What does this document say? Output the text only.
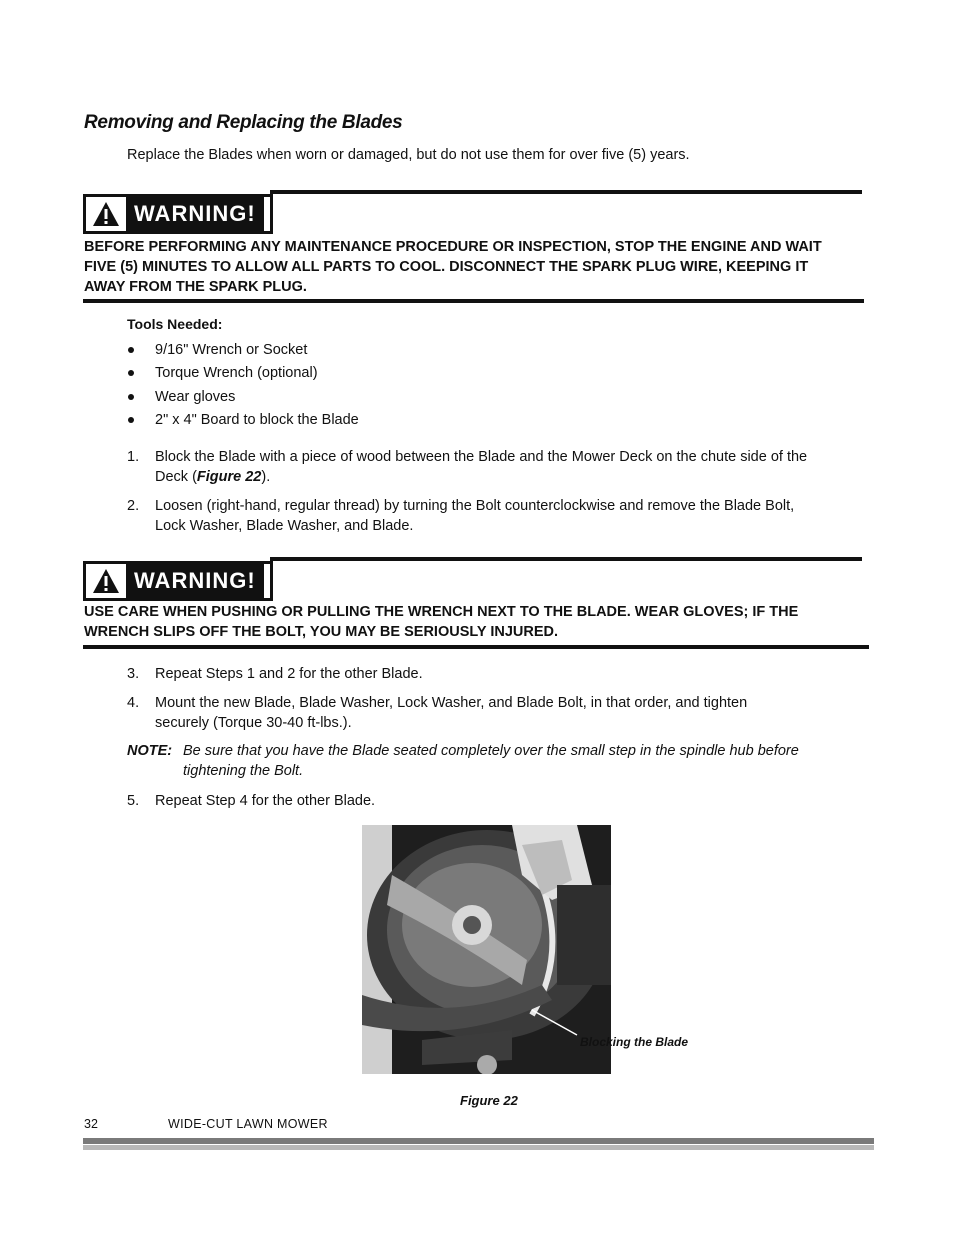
Removing and Replacing the Blades
Replace the Blades when worn or damaged, but do not use them for over five (5) years.
WARNING!
BEFORE PERFORMING ANY MAINTENANCE PROCEDURE OR INSPECTION, STOP THE ENGINE AND WAIT
FIVE (5) MINUTES TO ALLOW ALL PARTS TO COOL. DISCONNECT THE SPARK PLUG WIRE, KEEPING IT
AWAY FROM THE SPARK PLUG.
Tools Needed:
9/16" Wrench or Socket
Torque Wrench (optional)
Wear gloves
2" x 4" Board to block the Blade
1.	Block the Blade with a piece of wood between the Blade and the Mower Deck on the chute side of the
Deck (Figure 22).
2.	Loosen (right-hand, regular thread) by turning the Bolt counterclockwise and remove the Blade Bolt,
Lock Washer, Blade Washer, and Blade.
WARNING!
USE CARE WHEN PUSHING OR PULLING THE WRENCH NEXT TO THE BLADE. WEAR GLOVES; IF THE
WRENCH SLIPS OFF THE BOLT, YOU MAY BE SERIOUSLY INJURED.
3.	Repeat Steps 1 and 2 for the other Blade.
4.	Mount the new Blade, Blade Washer, Lock Washer, and Blade Bolt, in that order, and tighten
securely (Torque 30-40 ft-lbs.).
NOTE: Be sure that you have the Blade seated completely over the small step in the spindle hub before
tightening the Bolt.
5.	Repeat Step 4 for the other Blade.
Blocking the Blade
Figure 22
32	WIDE-CUT LAWN MOWER
